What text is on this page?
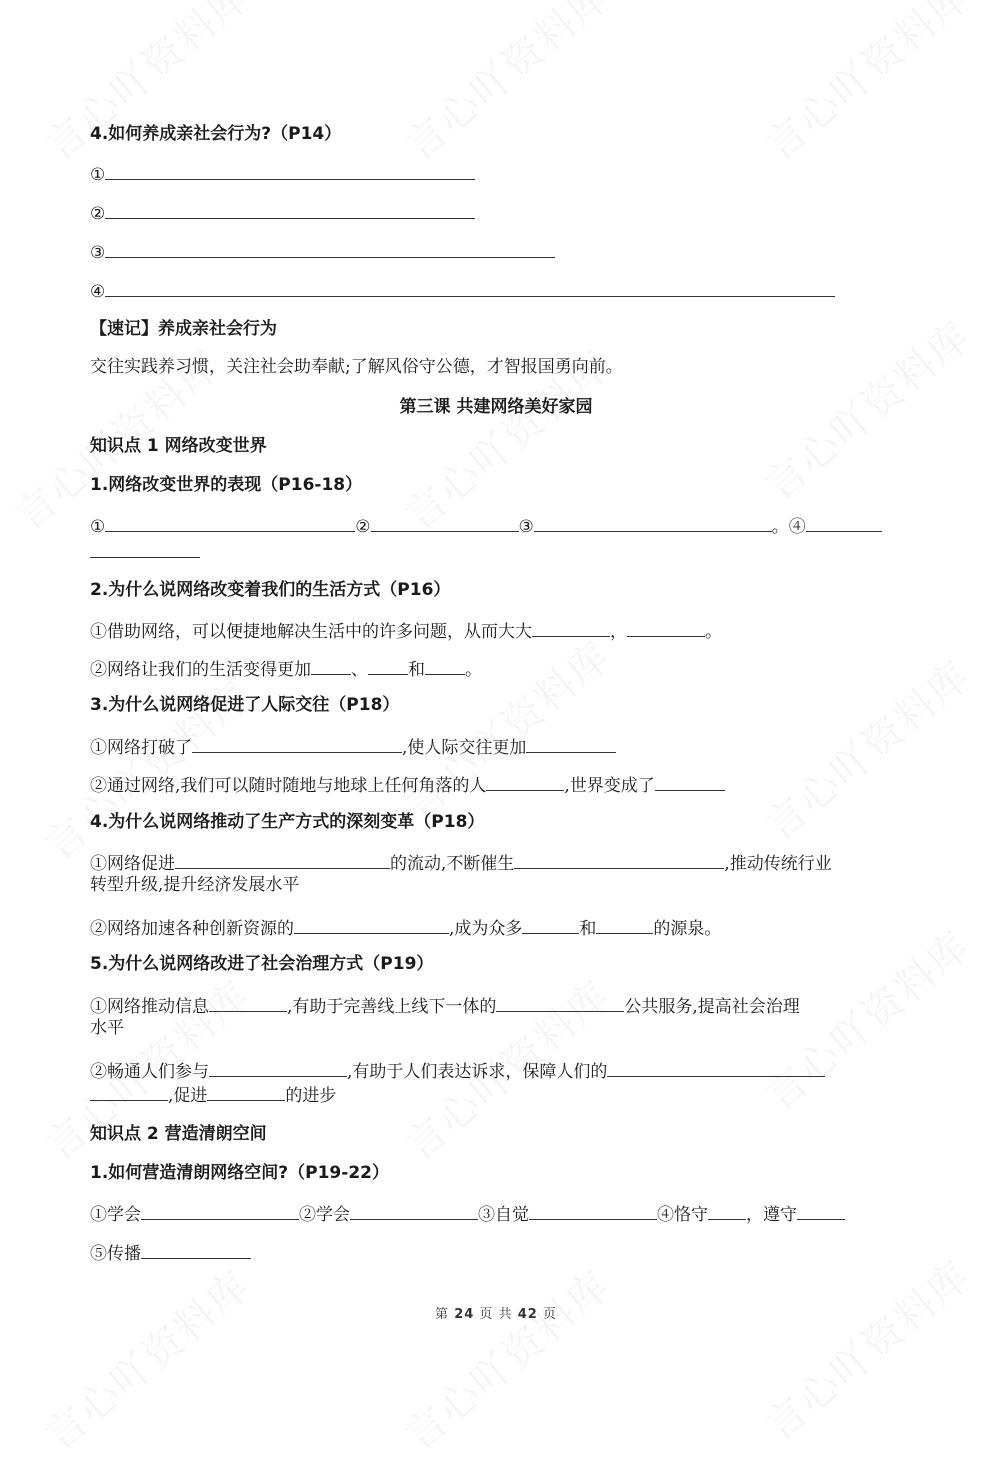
4.如何养成亲社会行为?（P14）
①
②
③
④
【速记】养成亲社会行为
交往实践养习惯，关注社会助奉献;了解风俗守公德，才智报国勇向前。
第三课 共建网络美好家园
知识点 1 网络改变世界
1.网络改变世界的表现（P16-18）
①	②	③	。④
2.为什么说网络改变着我们的生活方式（P16）
①借助网络，可以便捷地解决生活中的许多问题，从而大大	，	。
②网络让我们的生活变得更加 、 和 。
3.为什么说网络促进了人际交往（P18）
①网络打破了	,使人际交往更加
②通过网络,我们可以随时随地与地球上任何角落的人	,世界变成了
4.为什么说网络推动了生产方式的深刻变革（P18）
①网络促进	的流动,不断催生	,推动传统行业
转型升级,提升经济发展水平
②网络加速各种创新资源的	,成为众多	和	的源泉。
5.为什么说网络改进了社会治理方式（P19）
①网络推动信息	,有助于完善线上线下一体的	公共服务,提高社会治理
水平
②畅通人们参与	,有助于人们表达诉求，保障人们的
,促进	的进步
知识点 2 营造清朗空间
1.如何营造清朗网络空间?（P19-22）
①学会	②学会	③自觉	④恪守 ，遵守
⑤传播
第 24 页 共 42 页
